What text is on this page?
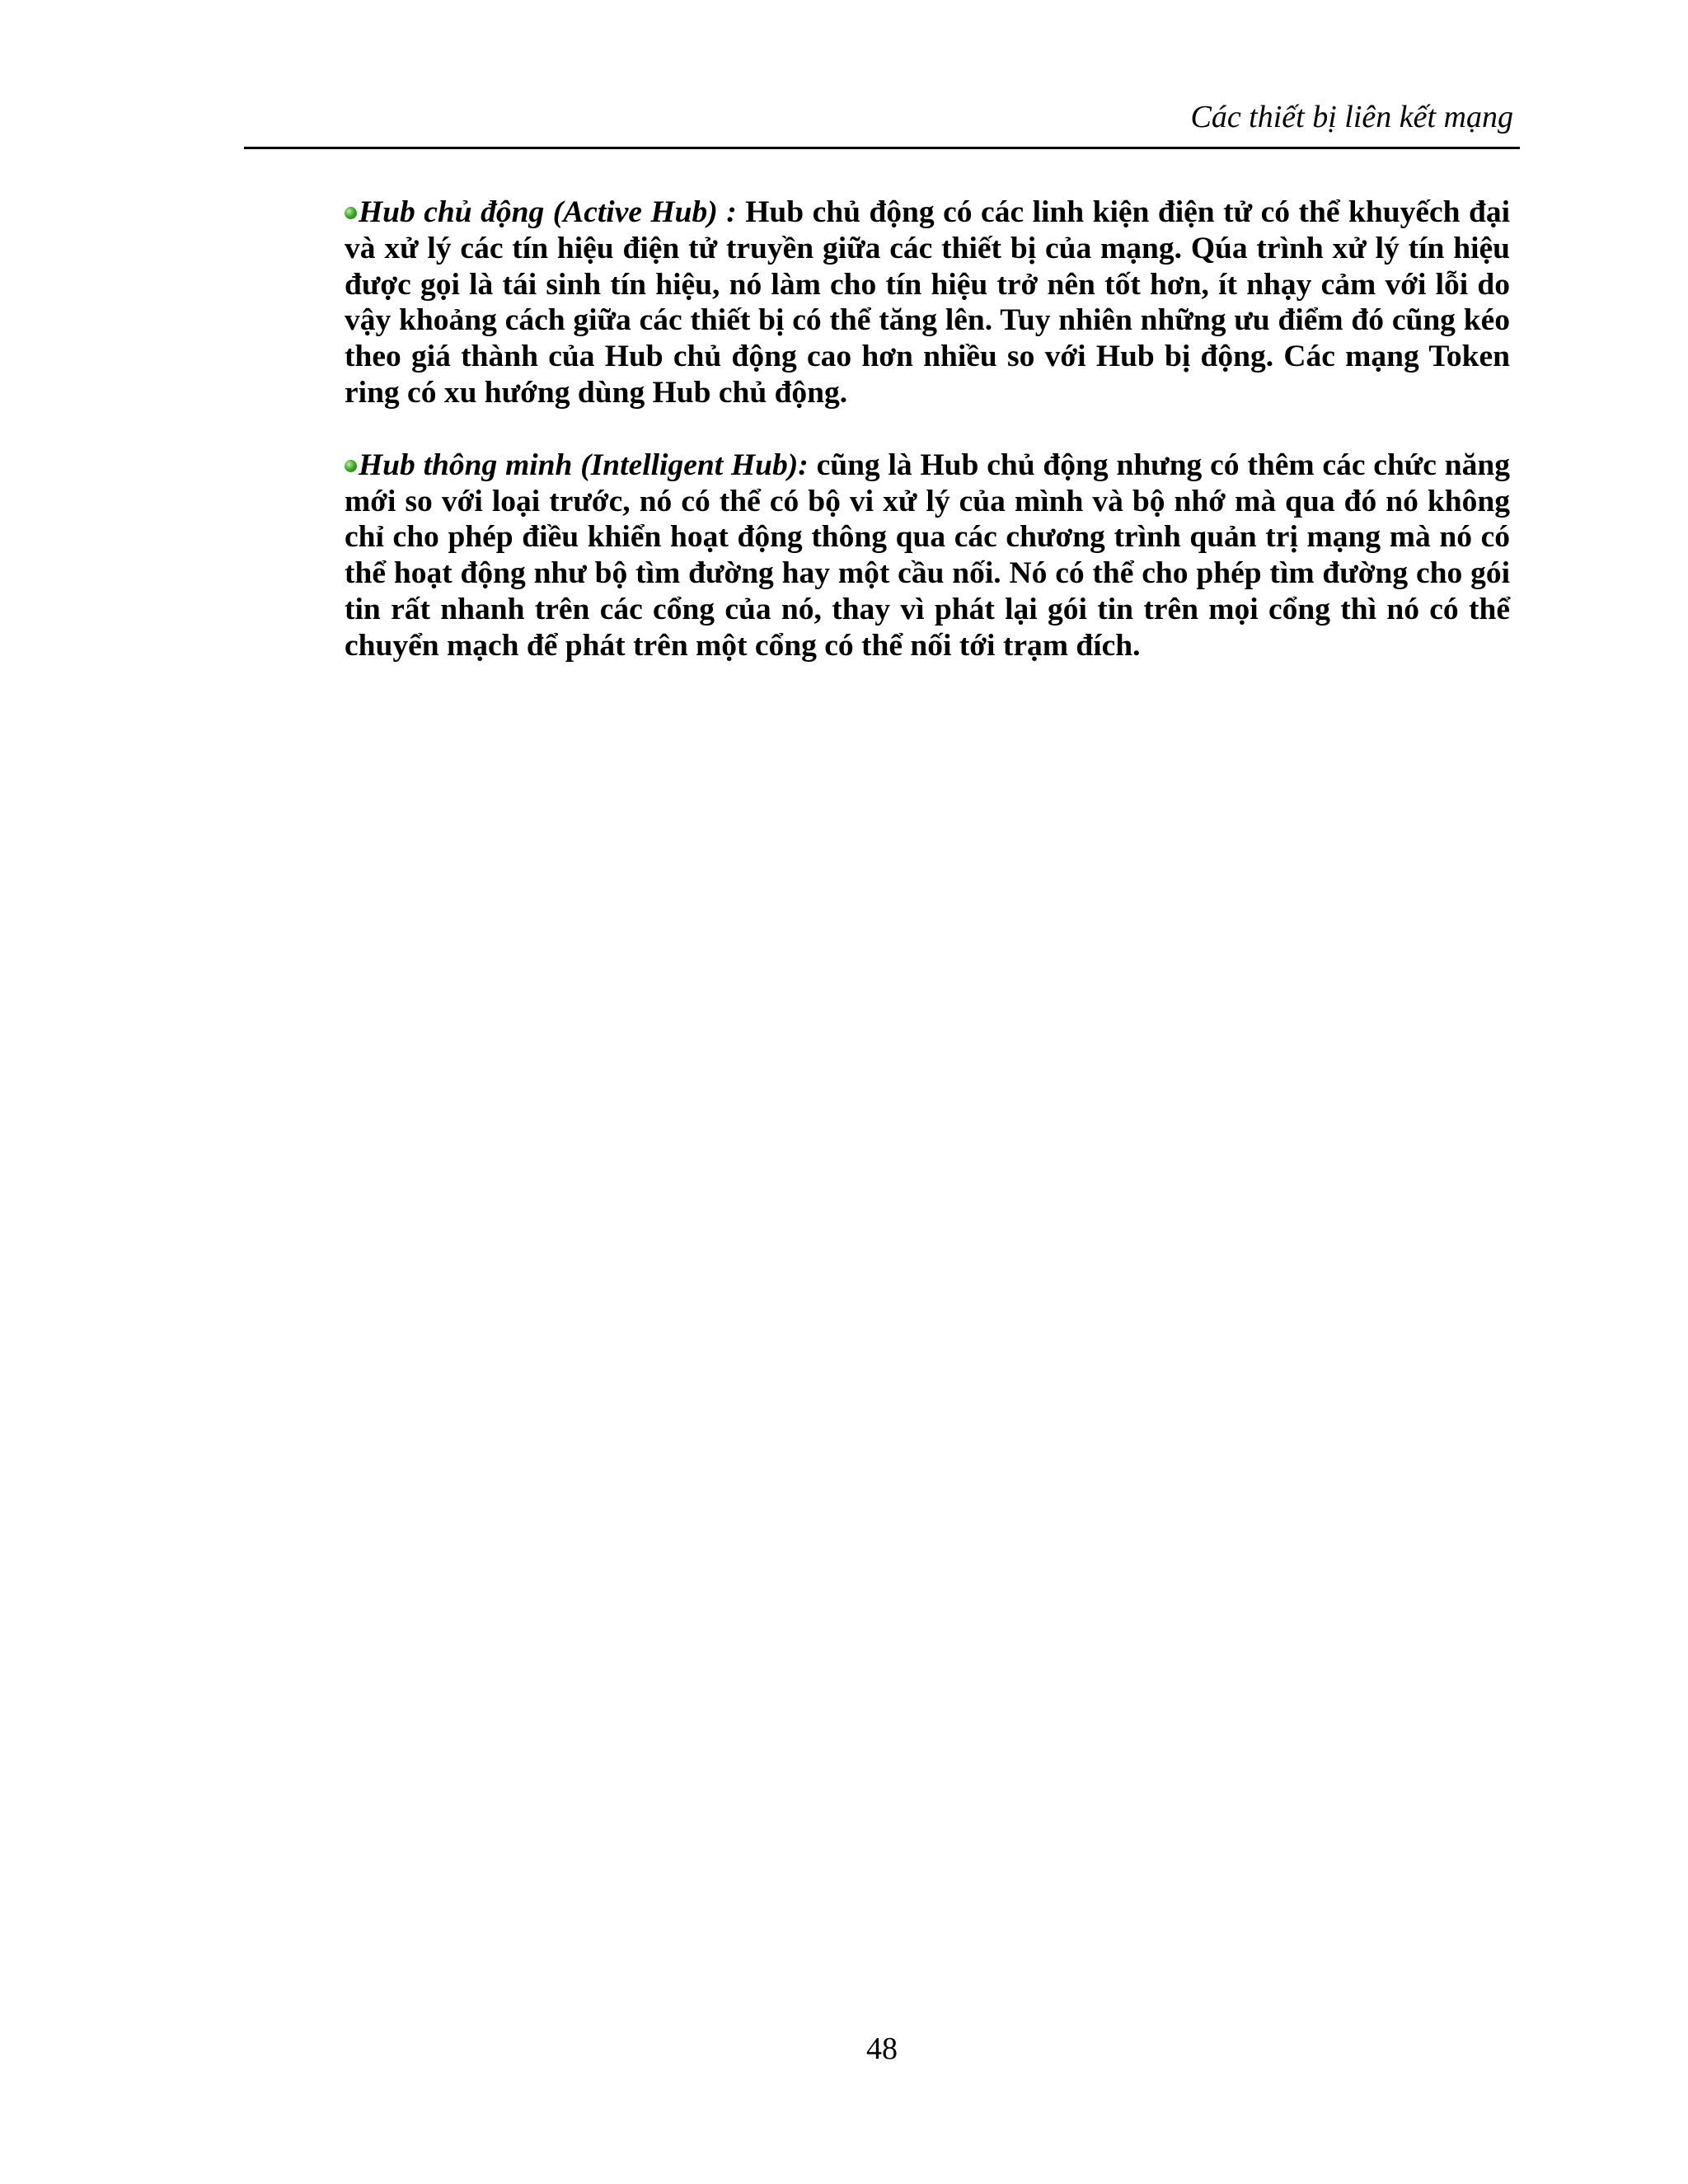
Các thiết bị liên kết mạng

Hub chủ động (Active Hub) : Hub chủ động có các linh kiện điện tử có thể khuyếch đại và xử lý các tín hiệu điện tử truyền giữa các thiết bị của mạng. Qúa trình xử lý tín hiệu được gọi là tái sinh tín hiệu, nó làm cho tín hiệu trở nên tốt hơn, ít nhạy cảm với lỗi do vậy khoảng cách giữa các thiết bị có thể tăng lên. Tuy nhiên những ưu điểm đó cũng kéo theo giá thành của Hub chủ động cao hơn nhiều so với Hub bị động. Các mạng Token ring có xu hướng dùng Hub chủ động.

Hub thông minh (Intelligent Hub): cũng là Hub chủ động nhưng có thêm các chức năng mới so với loại trước, nó có thể có bộ vi xử lý của mình và bộ nhớ mà qua đó nó không chỉ cho phép điều khiển hoạt động thông qua các chương trình quản trị mạng mà nó có thể hoạt động như bộ tìm đường hay một cầu nối. Nó có thể cho phép tìm đường cho gói tin rất nhanh trên các cổng của nó, thay vì phát lại gói tin trên mọi cổng thì nó có thể chuyển mạch để phát trên một cổng có thể nối tới trạm đích.

48
